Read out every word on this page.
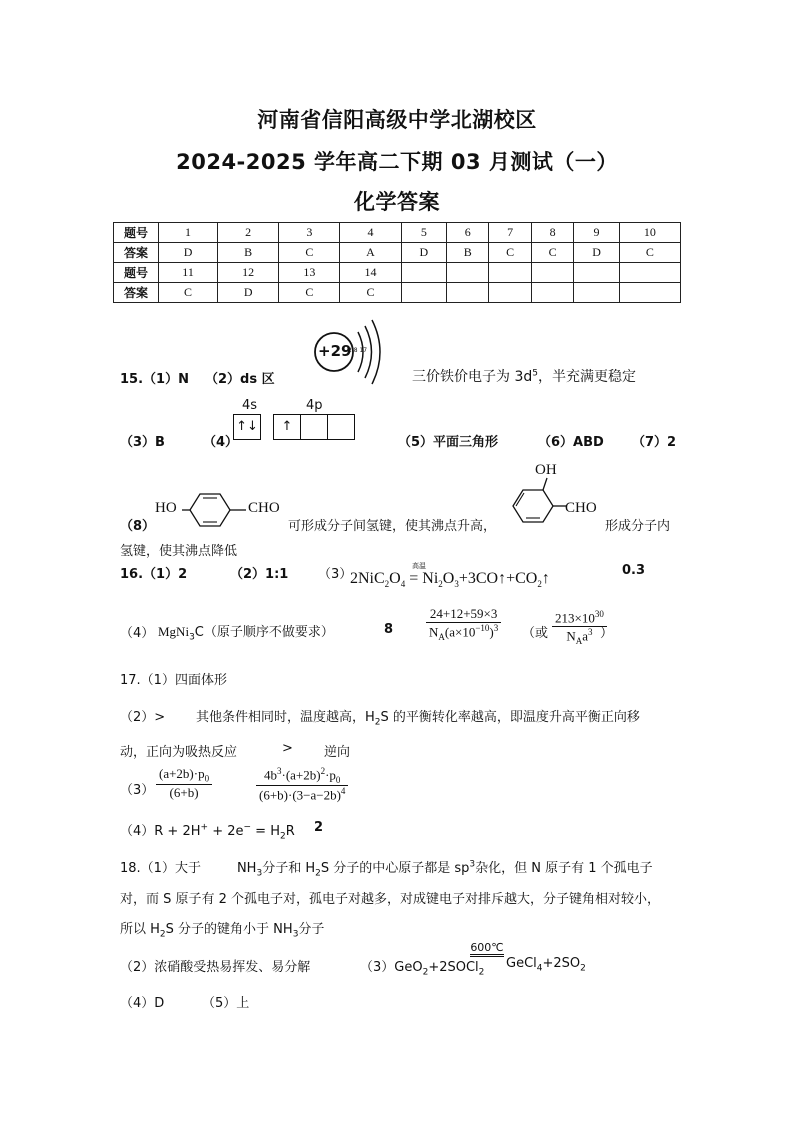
河南省信阳高级中学北湖校区
2024-2025 学年高二下期 03 月测试（一）
化学答案
题号	1	2	3	4	5	6	7	8	9	10
答案	D	B	C	A	D	B	C	C	D	C
题号	11	12	13	14						
答案	C	D	C	C						
15.（1）N （2）ds 区
+29
2 8 17
三价铁价电子为 $3d^5$，半充满更稳定
（3）B	（4）
4s	4p
↑↓	↑
（5）平面三角形	（6）ABD （7）2
（8）
HO	CHO
可形成分子间氢键，使其沸点升高，
OH
CHO
形成分子内
氢键，使其沸点降低
16.（1）2	（2）1:1 （3）
高温
$2NiC_2O_4$ = $Ni_2O_3+3CO↑+CO_2↑$	0.3
（4） MgNi$_3$C（原子顺序不做要求）	8	$\frac{24+12+59\times 3}{N_A(a\times 10^{-10})^3}$ （或 $\frac{213\times 10^{30}}{N_Aa^3}$
）
17.（1）四面体形
（2）> 其他条件相同时，温度越高，$H_2S$ 的平衡转化率越高，即温度升高平衡正向移
动，正向为吸热反应	> 逆向
$(3) \frac{(a+2b)\cdot p_0}{(6+b)}$	$\frac{4b^3\cdot(a+2b)^2\cdot p_0}{(6+b)\cdot(3-a-2b)^4}$
$(4)R + 2H^+ + 2e^- = H_2R$ 2
18.（1）大于	$NH_3$分子和 $H_2S$ 分子的中心原子都是 $sp^3$杂化，但 N 原子有 1 个孤电子
对，而 S 原子有 2 个孤电子对，孤电子对越多，对成键电子对排斥越大，分子键角相对较小，
所以 $H_2S$ 分子的键角小于 $NH_3$分子
（2）浓硝酸受热易挥发、易分解	（3）GeO$_2$+2SOCl$_2$
600℃
$GeCl_4+2SO_2$
（4）D	（5）上
